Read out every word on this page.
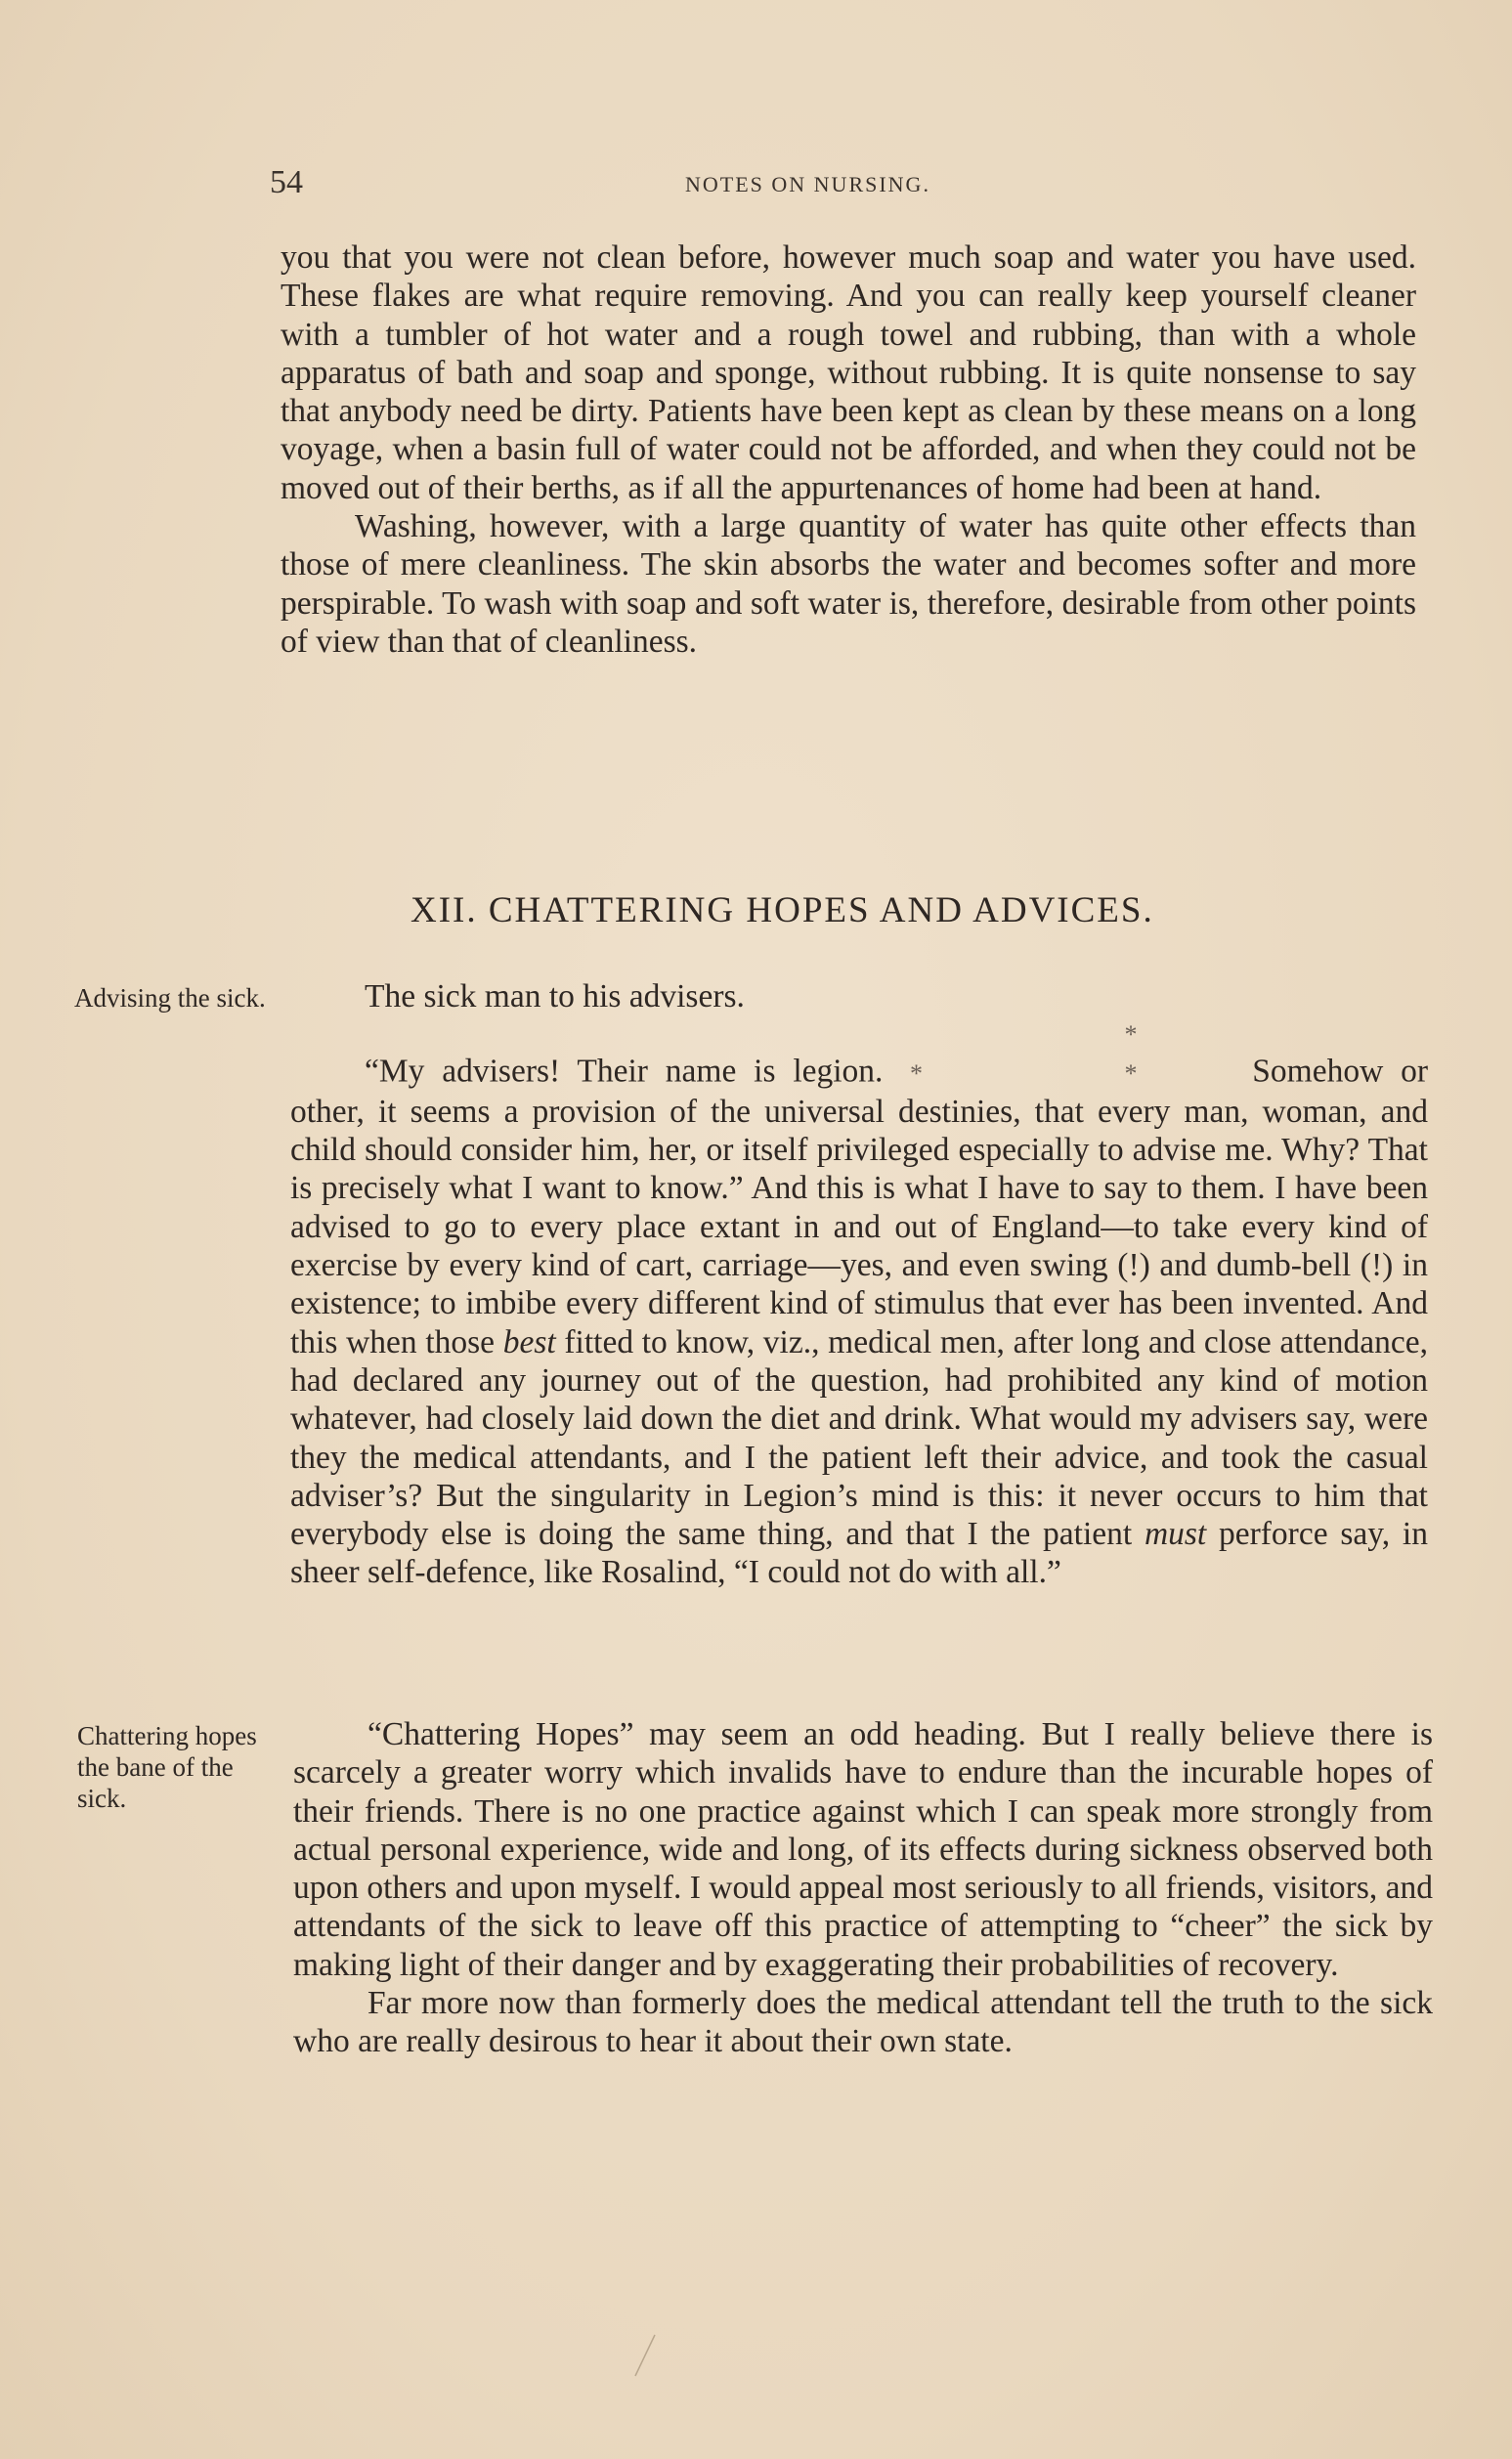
54	NOTES ON NURSING.

you that you were not clean before, however much soap and water you have used. These flakes are what require removing. And you can really keep yourself cleaner with a tumbler of hot water and a rough towel and rubbing, than with a whole apparatus of bath and soap and sponge, without rubbing. It is quite nonsense to say that anybody need be dirty. Patients have been kept as clean by these means on a long voyage, when a basin full of water could not be afforded, and when they could not be moved out of their berths, as if all the appurtenances of home had been at hand.

Washing, however, with a large quantity of water has quite other effects than those of mere cleanliness. The skin absorbs the water and becomes softer and more perspirable. To wash with soap and soft water is, therefore, desirable from other points of view than that of cleanliness.

XII. CHATTERING HOPES AND ADVICES.
Advising the sick.	The sick man to his advisers.

“My advisers! Their name is legion.* * * Somehow or other, it seems a provision of the universal destinies, that every man, woman, and child should consider him, her, or itself privileged especially to advise me. Why? That is precisely what I want to know.” And this is what I have to say to them. I have been advised to go to every place extant in and out of England—to take every kind of exercise by every kind of cart, carriage—yes, and even swing (!) and dumb-bell (!) in existence; to imbibe every different kind of stimulus that ever has been invented. And this when those best fitted to know, viz., medical men, after long and close attendance, had declared any journey out of the question, had prohibited any kind of motion whatever, had closely laid down the diet and drink. What would my advisers say, were they the medical attendants, and I the patient left their advice, and took the casual adviser’s? But the singularity in Legion’s mind is this: it never occurs to him that everybody else is doing the same thing, and that I the patient must perforce say, in sheer self-defence, like Rosalind, “I could not do with all.”

Chattering hopes the bane of the sick.

“Chattering Hopes” may seem an odd heading. But I really believe there is scarcely a greater worry which invalids have to endure than the incurable hopes of their friends. There is no one practice against which I can speak more strongly from actual personal experience, wide and long, of its effects during sickness observed both upon others and upon myself. I would appeal most seriously to all friends, visitors, and attendants of the sick to leave off this practice of attempting to “cheer” the sick by making light of their danger and by exaggerating their probabilities of recovery.

Far more now than formerly does the medical attendant tell the truth to the sick who are really desirous to hear it about their own state.
